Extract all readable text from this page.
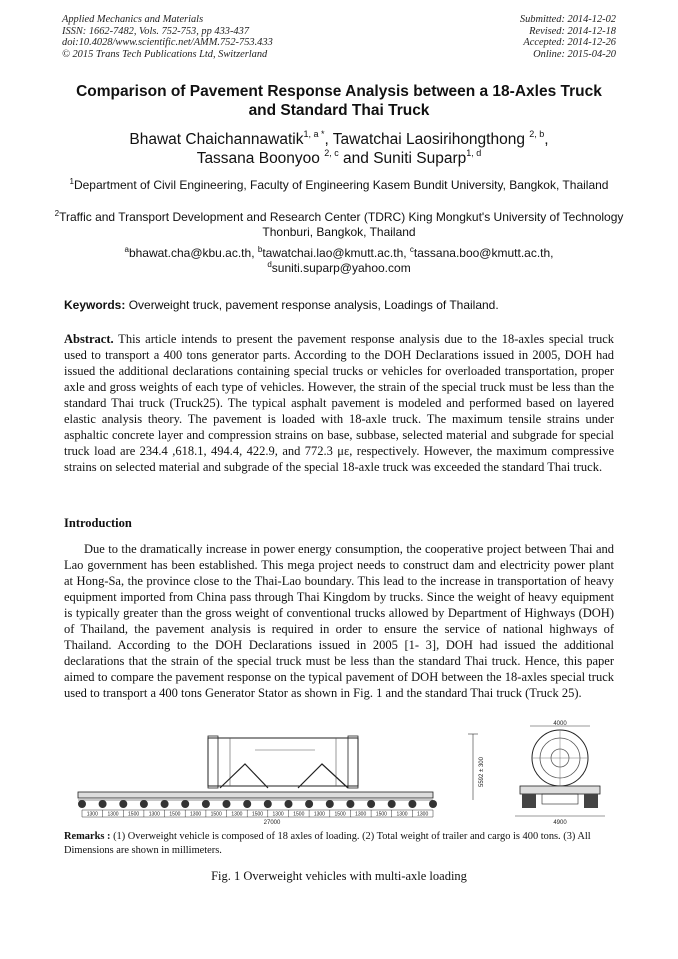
Applied Mechanics and Materials
ISSN: 1662-7482, Vols. 752-753, pp 433-437
doi:10.4028/www.scientific.net/AMM.752-753.433
© 2015 Trans Tech Publications Ltd, Switzerland
Submitted: 2014-12-02
Revised: 2014-12-18
Accepted: 2014-12-26
Online: 2015-04-20
Comparison of Pavement Response Analysis between a 18-Axles Truck
and Standard Thai Truck
Bhawat Chaichannawatik$^{1, a *}$, Tawatchai Laosirihongthong $^{2, b}$,
Tassana Boonyoo $^{2, c}$ and Suniti Suparp$^{1, d}$
$^1$Department of Civil Engineering, Faculty of Engineering Kasem Bundit University, Bangkok, Thailand
$^2$Traffic and Transport Development and Research Center (TDRC) King Mongkut's University of Technology Thonburi, Bangkok, Thailand
$^a$bhawat.cha@kbu.ac.th, $^b$tawatchai.lao@kmutt.ac.th, $^c$tassana.boo@kmutt.ac.th,
$^d$suniti.suparp@yahoo.com
Keywords: Overweight truck, pavement response analysis, Loadings of Thailand.
Abstract. This article intends to present the pavement response analysis due to the 18-axles special truck used to transport a 400 tons generator parts. According to the DOH Declarations issued in 2005, DOH had issued the additional declarations containing special trucks or vehicles for overloaded transportation, proper axle and gross weights of each type of vehicles. However, the strain of the special truck must be less than the standard Thai truck (Truck25). The typical asphalt pavement is modeled and performed based on layered elastic analysis theory. The pavement is loaded with 18-axle truck. The maximum tensile strains under asphaltic concrete layer and compression strains on base, subbase, selected material and subgrade for special truck load are 234.4 ,618.1, 494.4, 422.9, and 772.3 με, respectively. However, the maximum compressive strains on selected material and subgrade of the special 18-axle truck was exceeded the standard Thai truck.
Introduction
Due to the dramatically increase in power energy consumption, the cooperative project between Thai and Lao government has been established. This mega project needs to construct dam and electricity power plant at Hong-Sa, the province close to the Thai-Lao boundary. This lead to the increase in transportation of heavy equipment imported from China pass through Thai Kingdom by trucks. Since the weight of heavy equipment is typically greater than the gross weight of conventional trucks allowed by Department of Highways (DOH) of Thailand, the pavement analysis is required in order to ensure the service of national highways of Thailand. According to the DOH Declarations issued in 2005 [1- 3], DOH had issued the additional declarations that the strain of the special truck must be less than the standard Thai truck. Hence, this paper aimed to compare the pavement response on the typical pavement of DOH between the 18-axles special truck used to transport a 400 tons Generator Stator as shown in Fig. 1 and the standard Thai truck (Truck 25).
5592 ± 300
1300 1300 1500 1300 1500 1300 1500 1300 1500 1300 1500 1300 1500 1300 1500 1300 1300
27000
4000
4900
Remarks : (1) Overweight vehicle is composed of 18 axles of loading. (2) Total weight of trailer and cargo is 400 tons. (3) All Dimensions are shown in millimeters.
Fig. 1 Overweight vehicles with multi-axle loading
